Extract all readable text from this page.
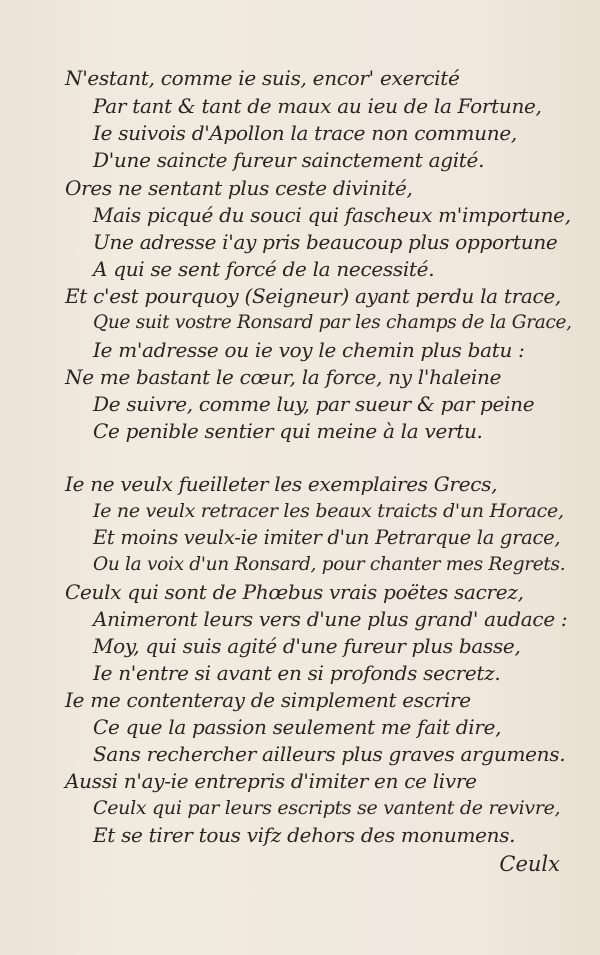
N'estant, comme ie suis, encor' exercité
Par tant & tant de maux au ieu de la Fortune,
Ie suivois d'Apollon la trace non commune,
D'une saincte fureur sainctement agité.
Ores ne sentant plus ceste divinité,
Mais picqué du souci qui fascheux m'importune,
Une adresse i'ay pris beaucoup plus opportune
A qui se sent forcé de la necessité.
Et c'est pourquoy (Seigneur) ayant perdu la trace,
Que suit vostre Ronsard par les champs de la Grace,
Ie m'adresse ou ie voy le chemin plus batu :
Ne me bastant le cœur, la force, ny l'haleine
De suivre, comme luy, par sueur & par peine
Ce penible sentier qui meine à la vertu.
Ie ne veulx fueilleter les exemplaires Grecs,
Ie ne veulx retracer les beaux traicts d'un Horace,
Et moins veulx-ie imiter d'un Petrarque la grace,
Ou la voix d'un Ronsard, pour chanter mes Regrets.
Ceulx qui sont de Phœbus vrais poëtes sacrez,
Animeront leurs vers d'une plus grand' audace :
Moy, qui suis agité d'une fureur plus basse,
Ie n'entre si avant en si profonds secretz.
Ie me contenteray de simplement escrire
Ce que la passion seulement me fait dire,
Sans rechercher ailleurs plus graves argumens.
Aussi n'ay-ie entrepris d'imiter en ce livre
Ceulx qui par leurs escripts se vantent de revivre,
Et se tirer tous vifz dehors des monumens.
Ceulx
